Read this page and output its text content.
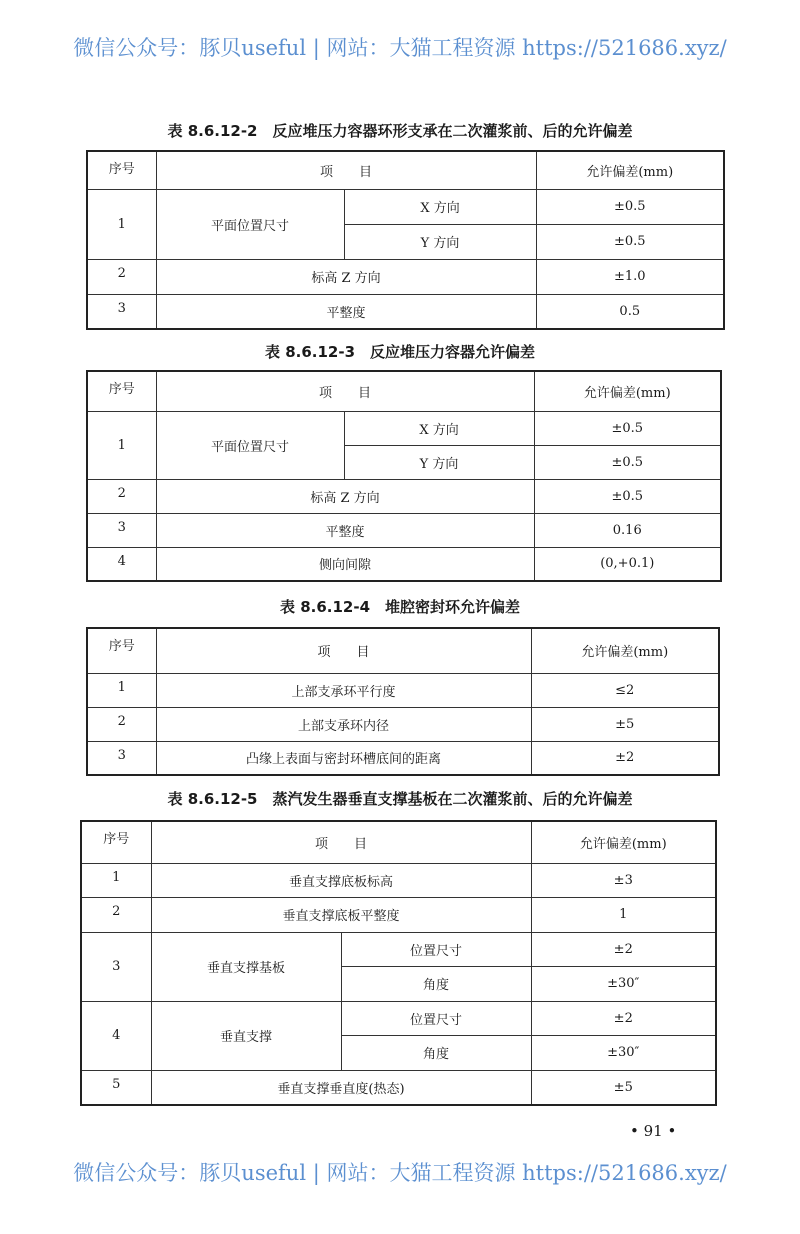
微信公众号：豚贝useful | 网站：大猫工程资源 https://521686.xyz/
表 8.6.12-2　反应堆压力容器环形支承在二次灌浆前、后的允许偏差
序号	项　　目		允许偏差(mm)
1	平面位置尺寸	X 方向	±0.5
		Y 方向	±0.5
2	标高 Z 方向		±1.0
3	平整度		0.5
表 8.6.12-3　反应堆压力容器允许偏差
序号	项　　目		允许偏差(mm)
1	平面位置尺寸	X 方向	±0.5
		Y 方向	±0.5
2	标高 Z 方向		±0.5
3	平整度		0.16
4	侧向间隙		(0,+0.1)
表 8.6.12-4　堆腔密封环允许偏差
序号	项　　目	允许偏差(mm)
1	上部支承环平行度	≤2
2	上部支承环内径	±5
3	凸缘上表面与密封环槽底间的距离	±2
表 8.6.12-5　蒸汽发生器垂直支撑基板在二次灌浆前、后的允许偏差
序号	项　　目		允许偏差(mm)
1	垂直支撑底板标高		±3
2	垂直支撑底板平整度		1
3	垂直支撑基板	位置尺寸	±2
		角度	±30″
4	垂直支撑	位置尺寸	±2
		角度	±30″
5	垂直支撑垂直度(热态)		±5
• 91 •
微信公众号：豚贝useful | 网站：大猫工程资源 https://521686.xyz/
